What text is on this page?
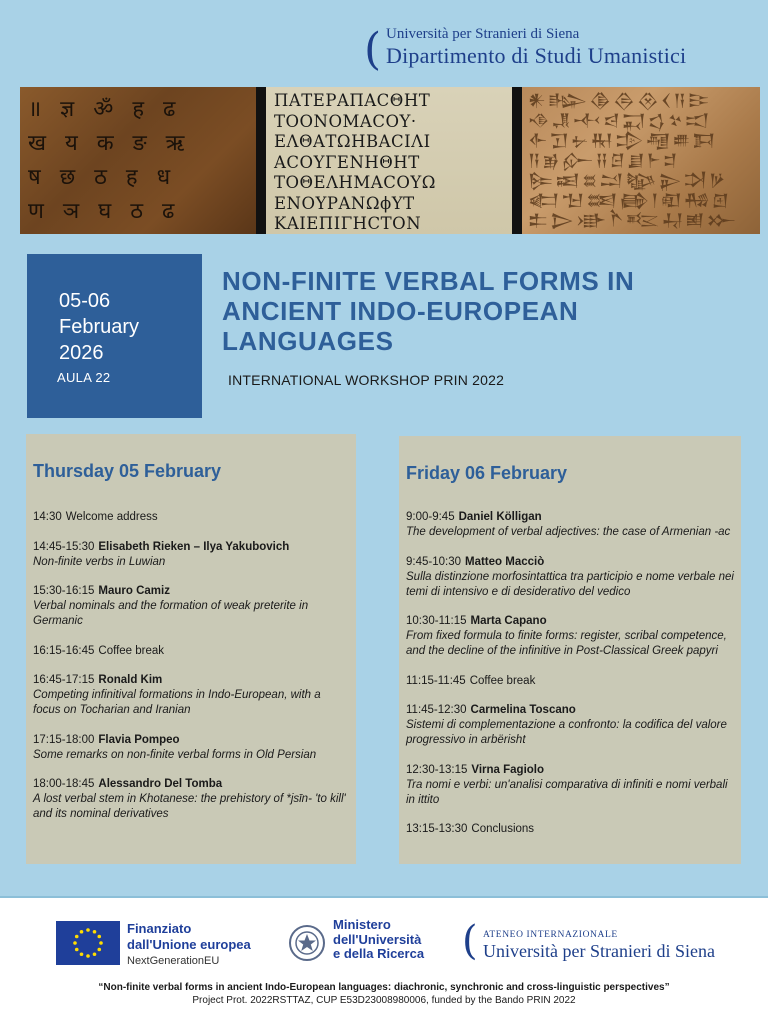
( Università per Stranieri di Siena
Dipartimento di Studi Umanistici
॥ ज्ञ ॐ ह ढ
ख य क ङ ऋ
ष छ ठ ह ध
ण ञ घ ठ ढ
ΠΑΤΕΡΑΠΑCΘΗΤ
ΤΟΟΝΟΜΑCΟΥ·
ΕΛΘΑΤΩΗΒΑCΙΛΙ
ΑCΟΥΓΕΝΗΘΗΤ
ΤΟΘΕΛΗΜΑCΟΥΩ
ΕΝΟΥΡΑΝΩϕΥΤ
ΚΑΙΕΠΙΓΗCΤΟΝ
𒀭𒈗𒆠𒁲𒊮𒌋𒀀𒄿
𒈾𒂗𒋾𒁀𒍑𒌓𒆳𒀊
𒅆𒋛𒉡𒊑𒄠𒆷𒌑𒁕
𒀀𒂊𒅎𒍝𒆪𒋗𒈨𒄑
𒌉𒀜𒊺𒁺𒆧𒉌𒋫𒃻
𒅗𒈠𒌅𒂵𒁹𒊏𒄀𒇻
𒉺𒆕𒀝𒋻𒌈𒄷𒅖𒁍
05-06
February
2026
AULA 22
NON-FINITE VERBAL FORMS IN ANCIENT INDO-EUROPEAN LANGUAGES
INTERNATIONAL WORKSHOP PRIN 2022
Thursday 05 February
14:30 Welcome address
14:45-15:30 Elisabeth Rieken – Ilya Yakubovich
Non-finite verbs in Luwian
15:30-16:15 Mauro Camiz
Verbal nominals and the formation of weak preterite in Germanic
16:15-16:45 Coffee break
16:45-17:15 Ronald Kim
Competing infinitival formations in Indo-European, with a focus on Tocharian and Iranian
17:15-18:00 Flavia Pompeo
Some remarks on non-finite verbal forms in Old Persian
18:00-18:45 Alessandro Del Tomba
A lost verbal stem in Khotanese: the prehistory of *jsīn- 'to kill' and its nominal derivatives
Friday 06 February
9:00-9:45 Daniel Kölligan
The development of verbal adjectives: the case of Armenian -ac
9:45-10:30 Matteo Macciò
Sulla distinzione morfosintattica tra participio e nome verbale nei temi di intensivo e di desiderativo del vedico
10:30-11:15 Marta Capano
From fixed formula to finite forms: register, scribal competence, and the decline of the infinitive in Post-Classical Greek papyri
11:15-11:45 Coffee break
11:45-12:30 Carmelina Toscano
Sistemi di complementazione a confronto: la codifica del valore progressivo in arbërisht
12:30-13:15 Virna Fagiolo
Tra nomi e verbi: un'analisi comparativa di infiniti e nomi verbali in ittito
13:15-13:30 Conclusions
Finanziato
dall'Unione europea
NextGenerationEU
Ministero
dell'Università
e della Ricerca ( ATENEO INTERNAZIONALE
Università per Stranieri di Siena
“Non-finite verbal forms in ancient Indo-European languages: diachronic, synchronic and cross-linguistic perspectives”
Project Prot. 2022RSTTAZ, CUP E53D23008980006, funded by the Bando PRIN 2022
